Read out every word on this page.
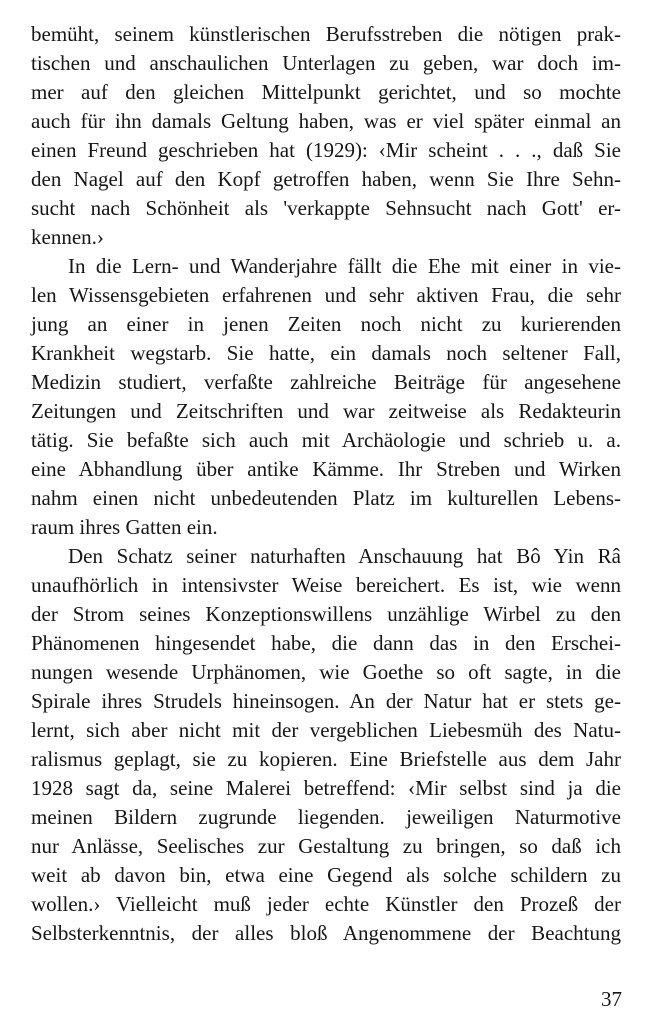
bemüht, seinem künstlerischen Berufsstreben die nötigen prak-
tischen und anschaulichen Unterlagen zu geben, war doch im-
mer auf den gleichen Mittelpunkt gerichtet, und so mochte
auch für ihn damals Geltung haben, was er viel später einmal an
einen Freund geschrieben hat (1929): ‹Mir scheint . . ., daß Sie
den Nagel auf den Kopf getroffen haben, wenn Sie Ihre Sehn-
sucht nach Schönheit als 'verkappte Sehnsucht nach Gott' er-
kennen.›
In die Lern- und Wanderjahre fällt die Ehe mit einer in vie-
len Wissensgebieten erfahrenen und sehr aktiven Frau, die sehr
jung an einer in jenen Zeiten noch nicht zu kurierenden
Krankheit wegstarb. Sie hatte, ein damals noch seltener Fall,
Medizin studiert, verfaßte zahlreiche Beiträge für angesehene
Zeitungen und Zeitschriften und war zeitweise als Redakteurin
tätig. Sie befaßte sich auch mit Archäologie und schrieb u. a.
eine Abhandlung über antike Kämme. Ihr Streben und Wirken
nahm einen nicht unbedeutenden Platz im kulturellen Lebens-
raum ihres Gatten ein.
Den Schatz seiner naturhaften Anschauung hat Bô Yin Râ
unaufhörlich in intensivster Weise bereichert. Es ist, wie wenn
der Strom seines Konzeptionswillens unzählige Wirbel zu den
Phänomenen hingesendet habe, die dann das in den Erschei-
nungen wesende Urphänomen, wie Goethe so oft sagte, in die
Spirale ihres Strudels hineinsogen. An der Natur hat er stets ge-
lernt, sich aber nicht mit der vergeblichen Liebesmüh des Natu-
ralismus geplagt, sie zu kopieren. Eine Briefstelle aus dem Jahr
1928 sagt da, seine Malerei betreffend: ‹Mir selbst sind ja die
meinen Bildern zugrunde liegenden. jeweiligen Naturmotive
nur Anlässe, Seelisches zur Gestaltung zu bringen, so daß ich
weit ab davon bin, etwa eine Gegend als solche schildern zu
wollen.› Vielleicht muß jeder echte Künstler den Prozeß der
Selbsterkenntnis, der alles bloß Angenommene der Beachtung
37
